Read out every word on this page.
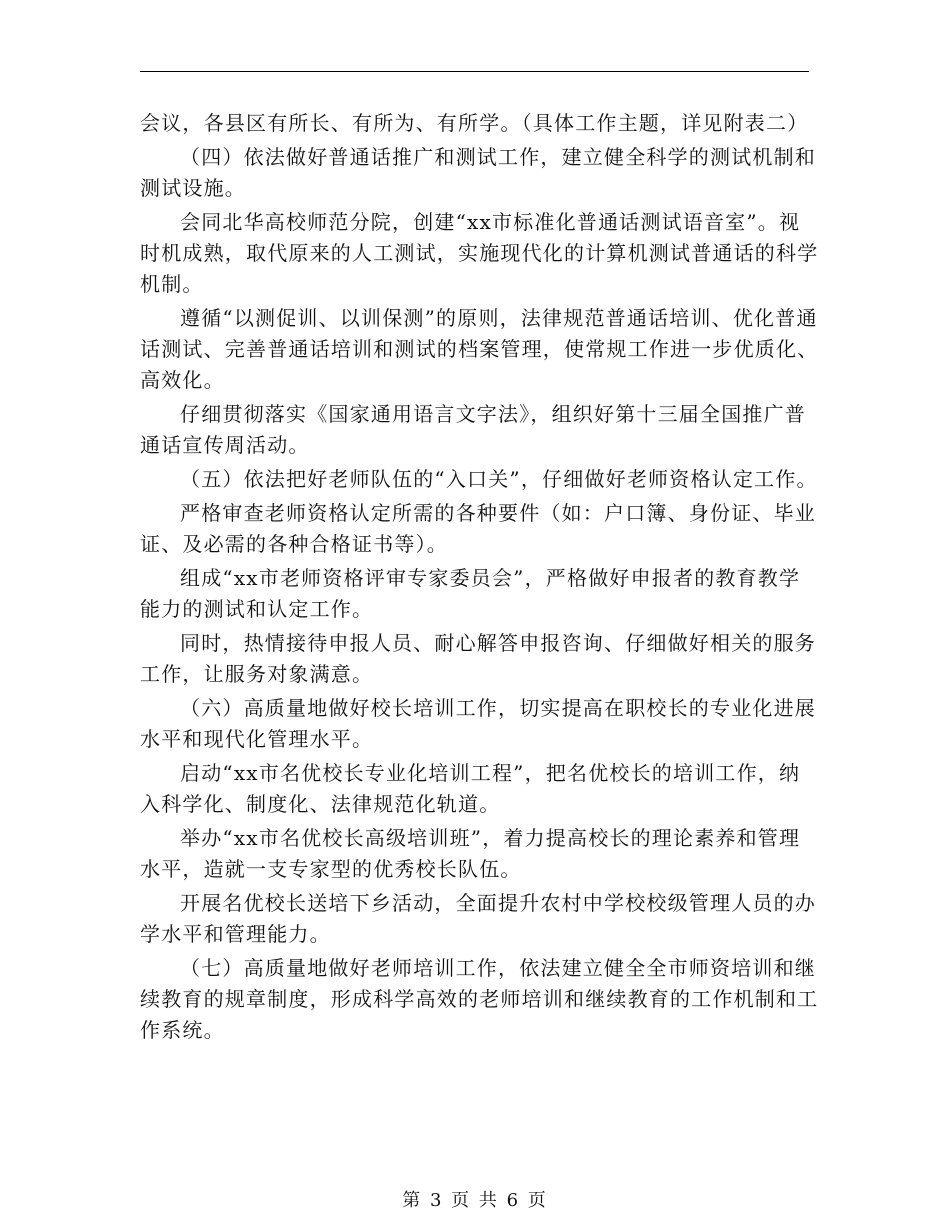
会议，各县区有所长、有所为、有所学。（具体工作主题，详见附表二）

（四）依法做好普通话推广和测试工作，建立健全科学的测试机制和测试设施。

会同北华高校师范分院，创建“xx市标准化普通话测试语音室”。视时机成熟，取代原来的人工测试，实施现代化的计算机测试普通话的科学机制。

遵循“以测促训、以训保测”的原则，法律规范普通话培训、优化普通话测试、完善普通话培训和测试的档案管理，使常规工作进一步优质化、高效化。

仔细贯彻落实《国家通用语言文字法》，组织好第十三届全国推广普通话宣传周活动。

（五）依法把好老师队伍的“入口关”，仔细做好老师资格认定工作。

严格审查老师资格认定所需的各种要件（如：户口簿、身份证、毕业证、及必需的各种合格证书等）。

组成“xx市老师资格评审专家委员会”，严格做好申报者的教育教学能力的测试和认定工作。

同时，热情接待申报人员、耐心解答申报咨询、仔细做好相关的服务工作，让服务对象满意。

（六）高质量地做好校长培训工作，切实提高在职校长的专业化进展水平和现代化管理水平。

启动“xx市名优校长专业化培训工程”，把名优校长的培训工作，纳入科学化、制度化、法律规范化轨道。

举办“xx市名优校长高级培训班”，着力提高校长的理论素养和管理水平，造就一支专家型的优秀校长队伍。

开展名优校长送培下乡活动，全面提升农村中学校校级管理人员的办学水平和管理能力。

（七）高质量地做好老师培训工作，依法建立健全全市师资培训和继续教育的规章制度，形成科学高效的老师培训和继续教育的工作机制和工作系统。

第 3 页 共 6 页
